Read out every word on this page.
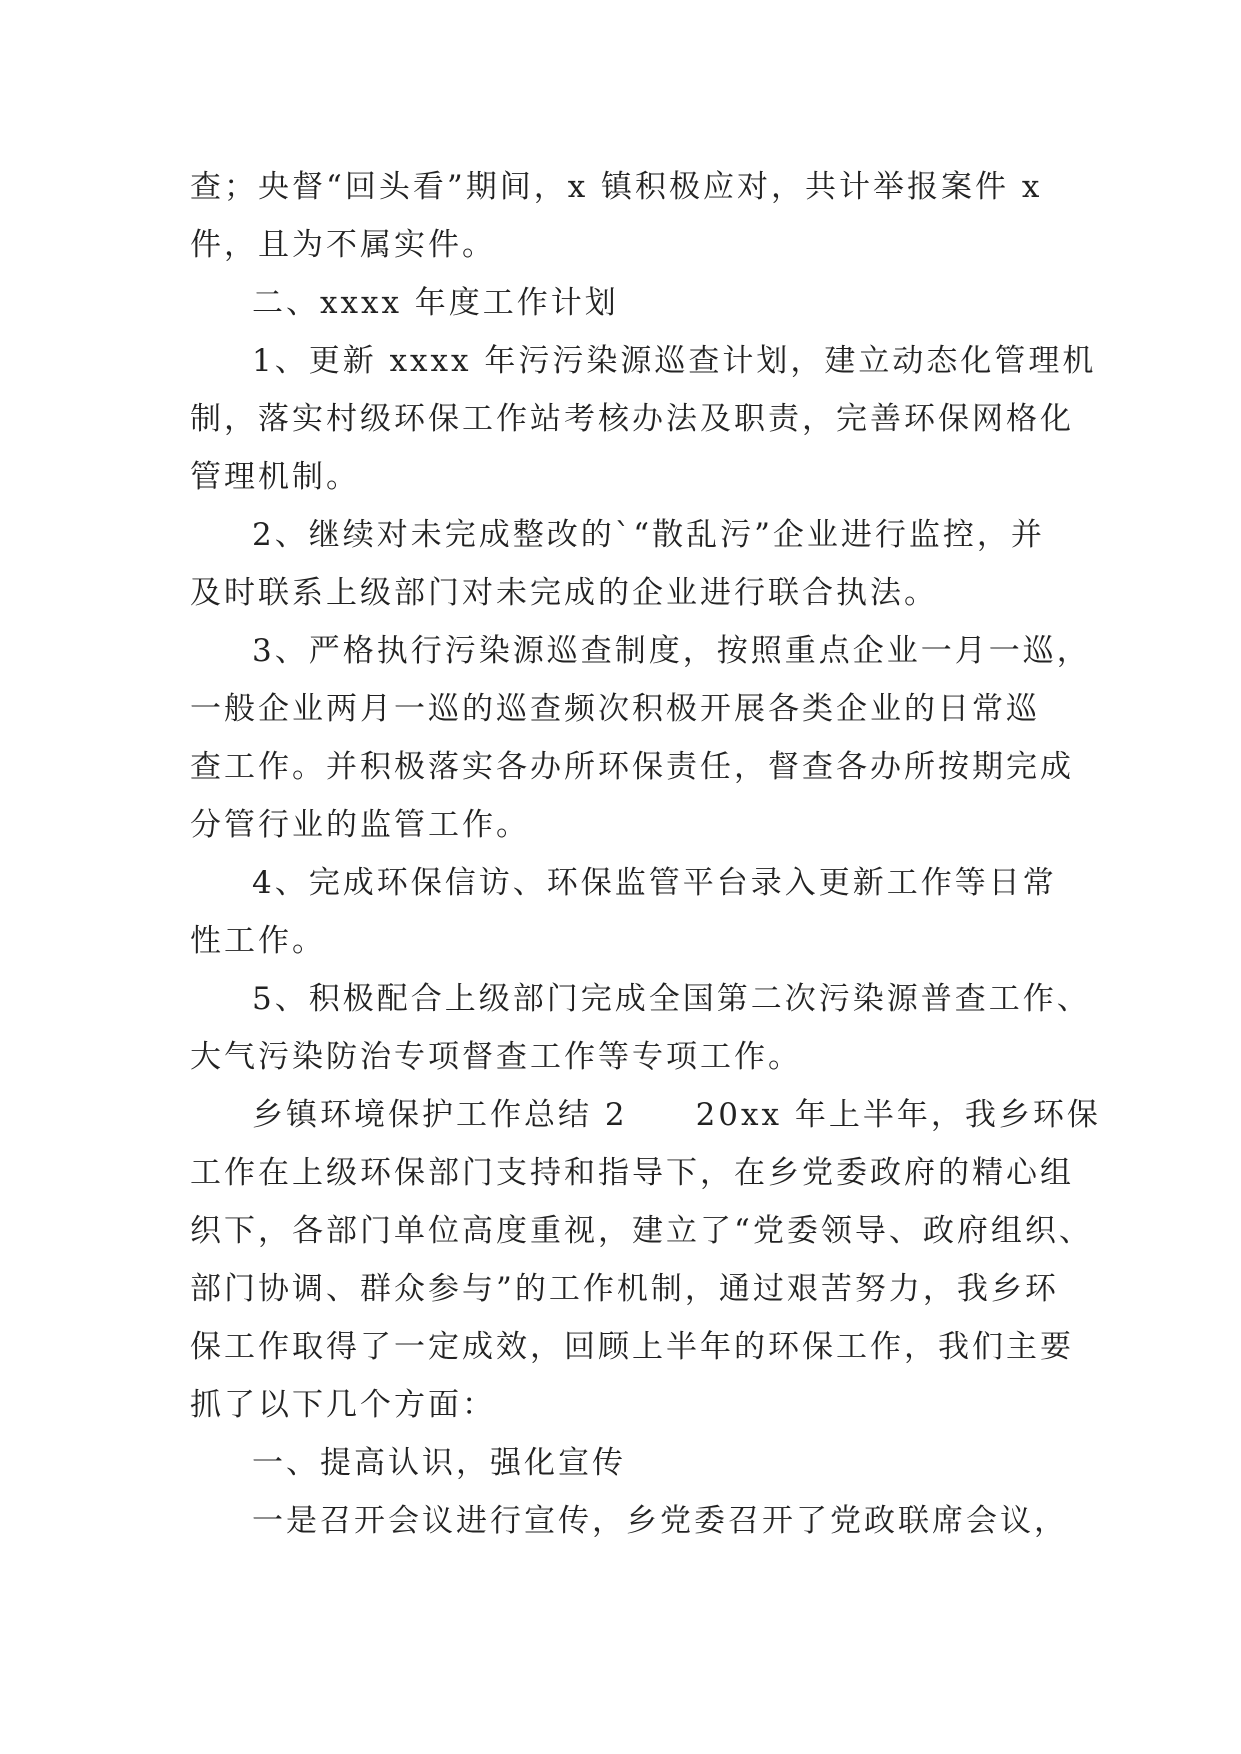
查；央督“回头看”期间，x 镇积极应对，共计举报案件 x
件，且为不属实件。
二、xxxx 年度工作计划
1、更新 xxxx 年污污染源巡查计划，建立动态化管理机
制，落实村级环保工作站考核办法及职责，完善环保网格化
管理机制。
2、继续对未完成整改的`“散乱污”企业进行监控，并
及时联系上级部门对未完成的企业进行联合执法。
3、严格执行污染源巡查制度，按照重点企业一月一巡，
一般企业两月一巡的巡查频次积极开展各类企业的日常巡
查工作。并积极落实各办所环保责任，督查各办所按期完成
分管行业的监管工作。
4、完成环保信访、环保监管平台录入更新工作等日常
性工作。
5、积极配合上级部门完成全国第二次污染源普查工作、
大气污染防治专项督查工作等专项工作。
乡镇环境保护工作总结 2　　20xx 年上半年，我乡环保
工作在上级环保部门支持和指导下，在乡党委政府的精心组
织下，各部门单位高度重视，建立了“党委领导、政府组织、
部门协调、群众参与”的工作机制，通过艰苦努力，我乡环
保工作取得了一定成效，回顾上半年的环保工作，我们主要
抓了以下几个方面：
一、提高认识，强化宣传
一是召开会议进行宣传，乡党委召开了党政联席会议，
